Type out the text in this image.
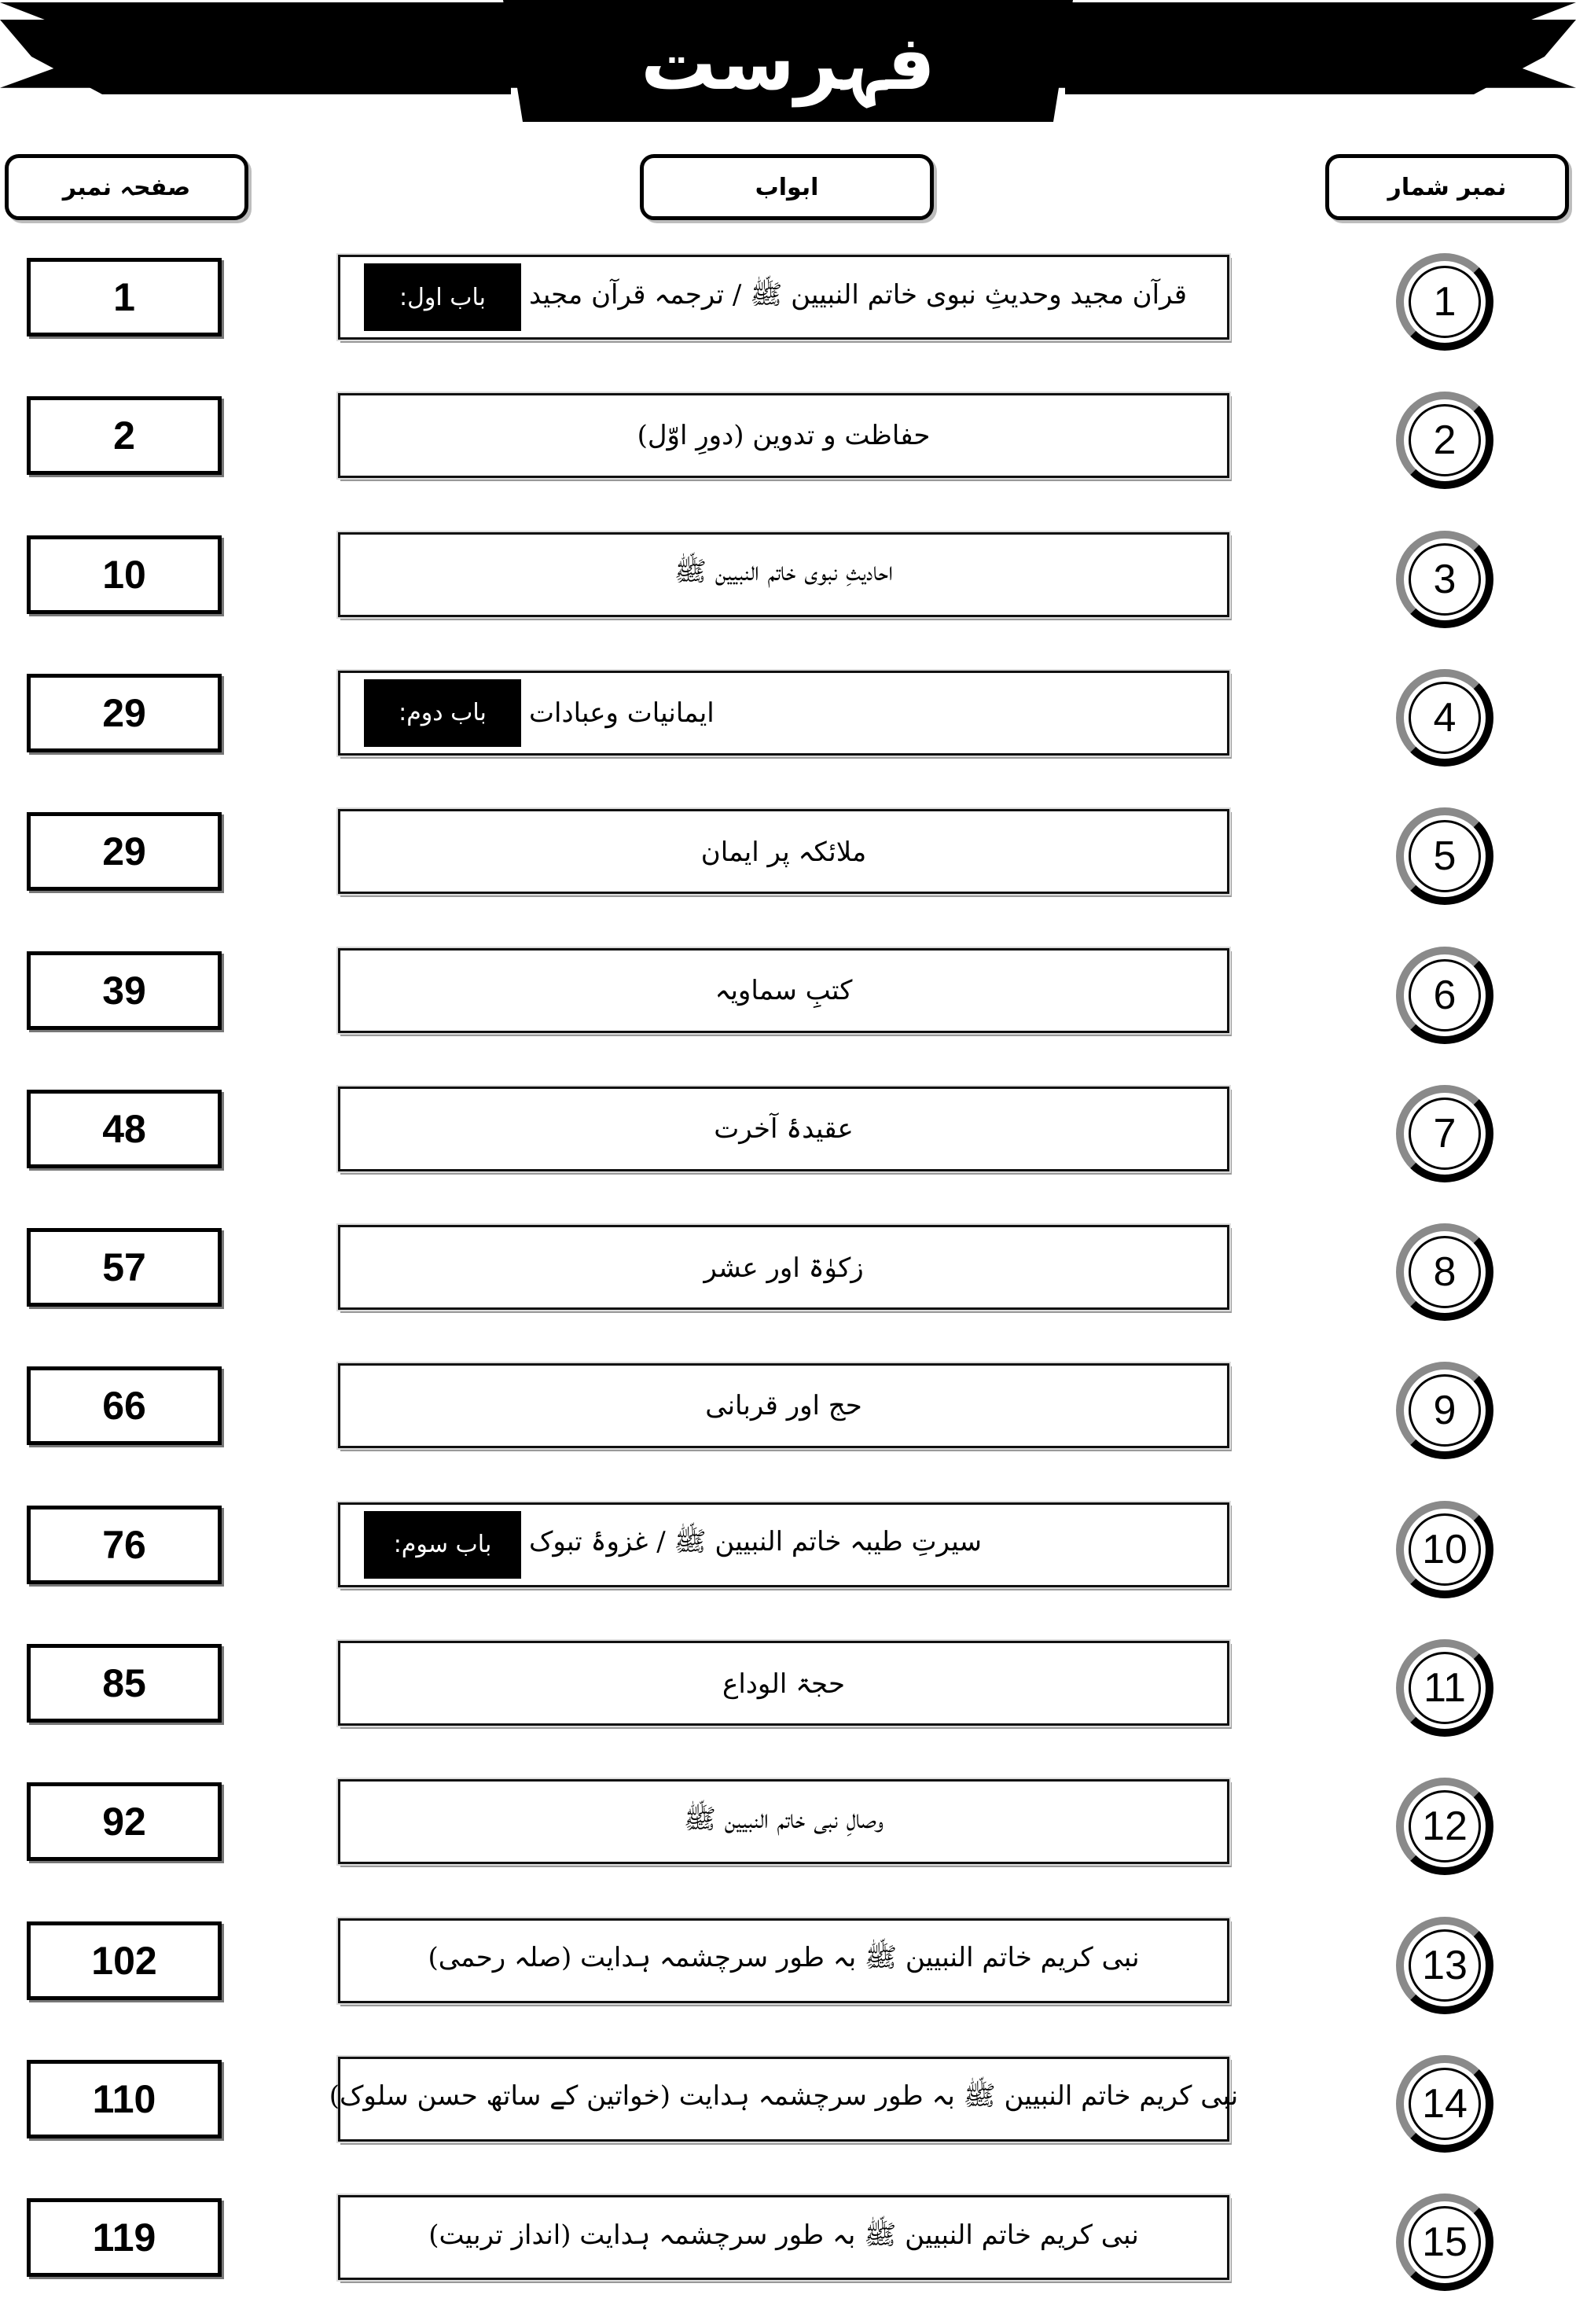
فہرست
صفحہ نمبر	ابواب	نمبر شمار
1	باب اول:	قرآن مجید وحدیثِ نبوی خاتم النبیین ﷺ / ترجمہ قرآن مجید	1
2	حفاظت و تدوین (دورِ اوّل)	2
10	احادیثِ نبوی خاتم النبیین ﷺ	3
29	باب دوم:	ایمانیات وعبادات	4
29	ملائکہ پر ایمان	5
39	کتبِ سماویہ	6
48	عقیدۂ آخرت	7
57	زکوٰۃ اور عشر	8
66	حج اور قربانی	9
76	باب سوم:	سیرتِ طیبہ خاتم النبیین ﷺ / غزوۂ تبوک	10
85	حجۃ الوداع	11
92	وصالِ نبی خاتم النبیین ﷺ	12
102	نبی کریم خاتم النبیین ﷺ بہ طور سرچشمہ ہدایت (صلہ رحمی)	13
110	نبی کریم خاتم النبیین ﷺ بہ طور سرچشمہ ہدایت (خواتین کے ساتھ حسن سلوک)	14
119	نبی کریم خاتم النبیین ﷺ بہ طور سرچشمہ ہدایت (انداز تربیت)	15
